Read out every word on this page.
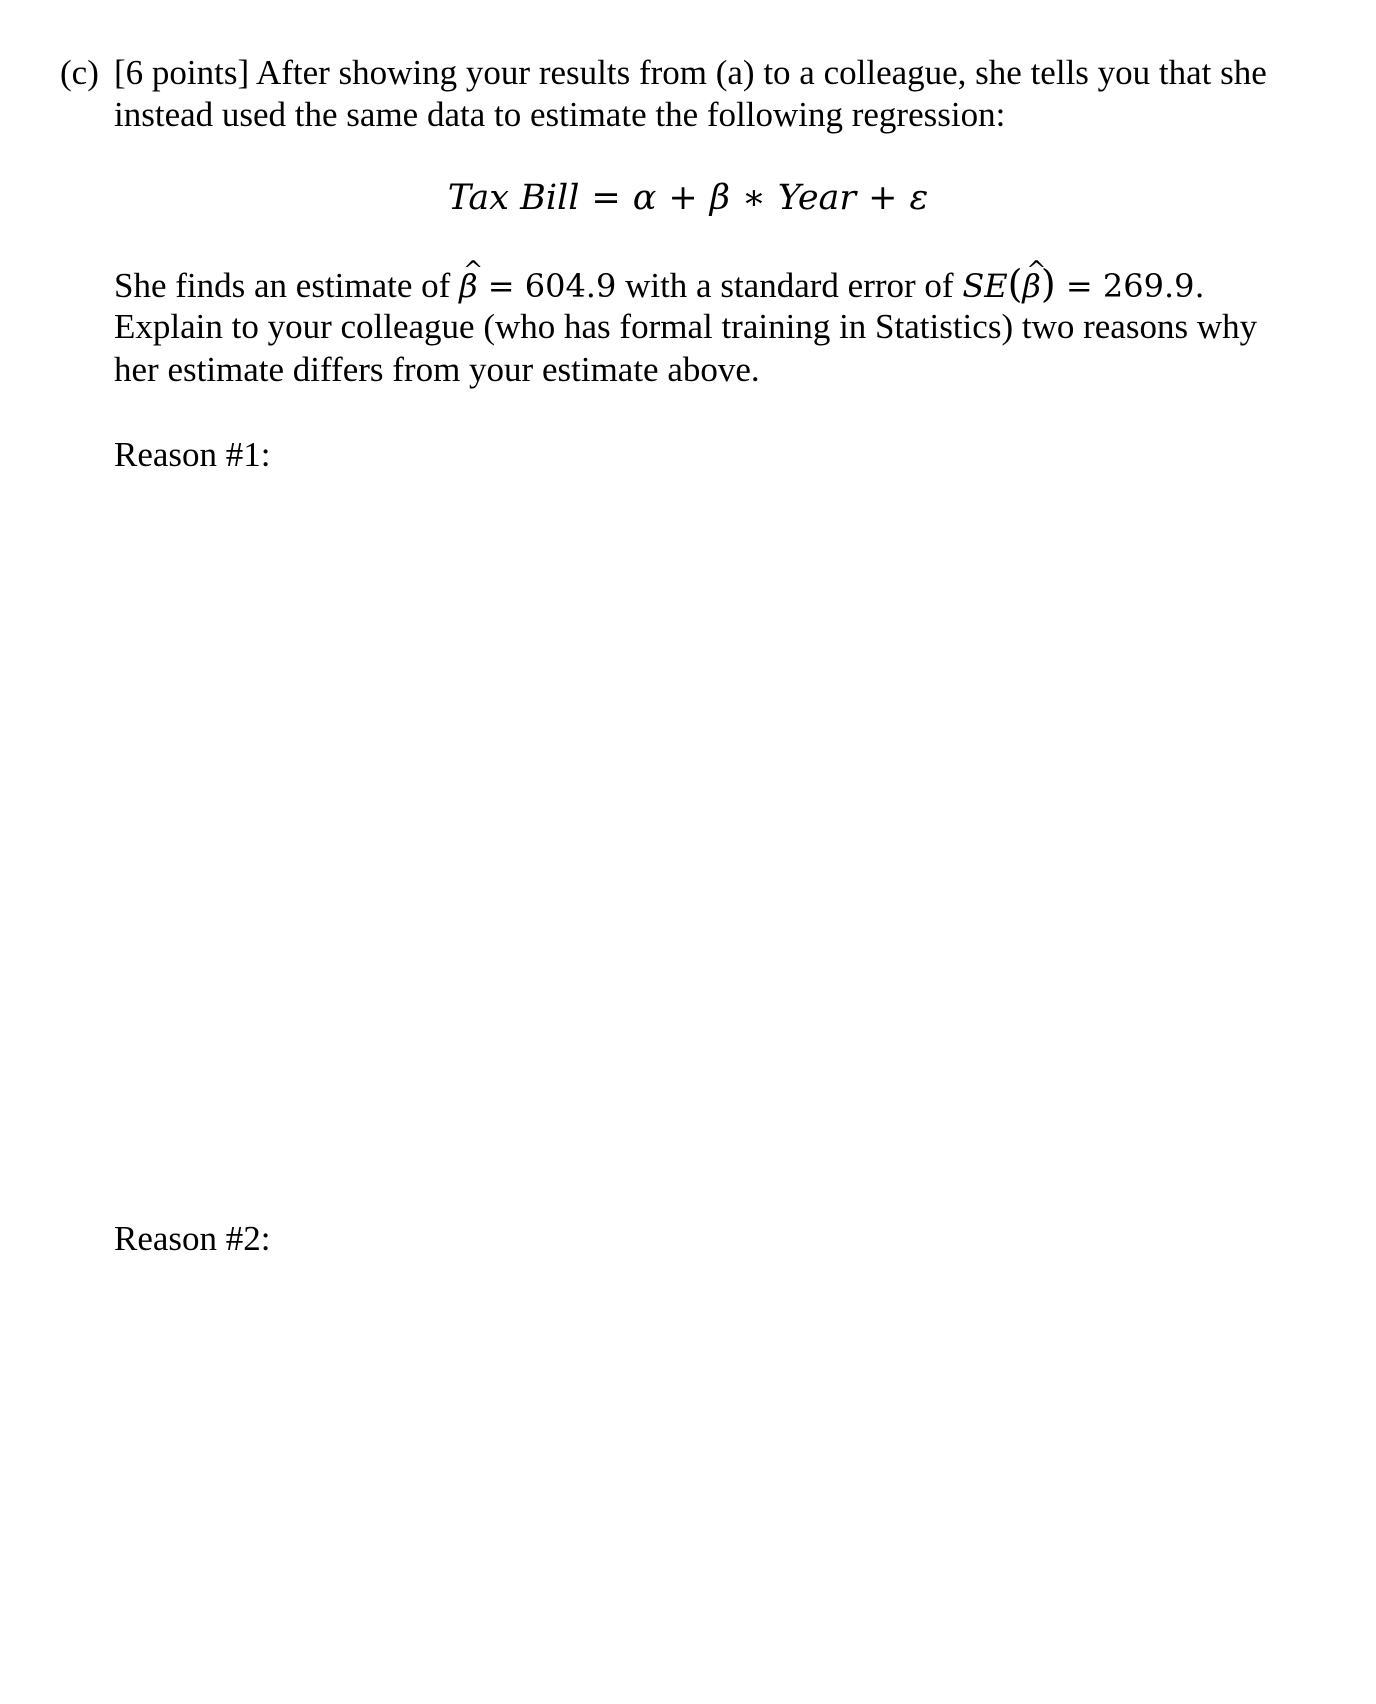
(c) [6 points] After showing your results from (a) to a colleague, she tells you that she
instead used the same data to estimate the following regression:
Tax Bill = α + β ∗ Year + ε
She finds an estimate of ^ β = 604.9 with a standard error of SE(^ β) = 269.9.
Explain to your colleague (who has formal training in Statistics) two reasons why
her estimate differs from your estimate above.
Reason #1:
Reason #2:
